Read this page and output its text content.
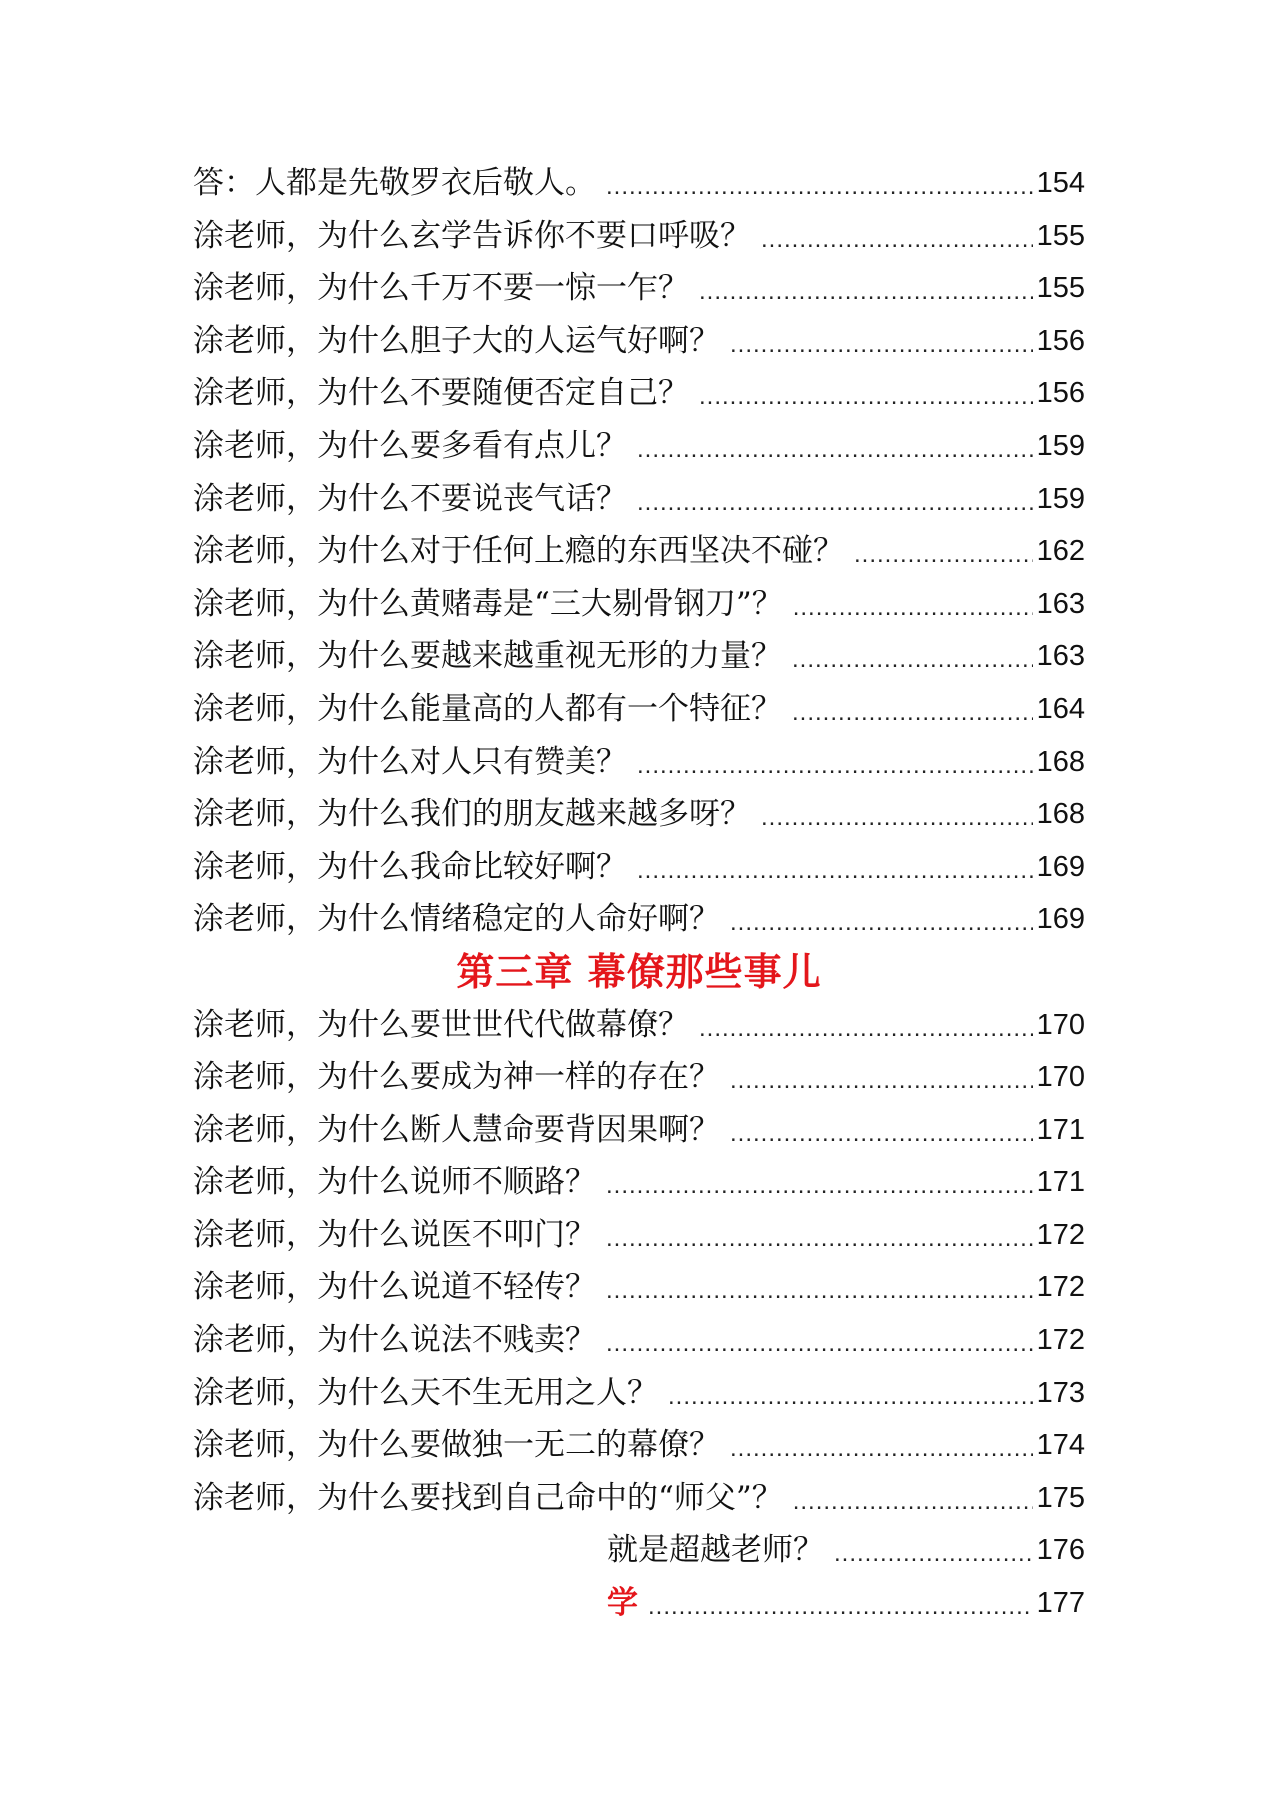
答：人都是先敬罗衣后敬人。 .....	154
涂老师，为什么玄学告诉你不要口呼吸？ .....	155
涂老师，为什么千万不要一惊一乍？ .....	155
涂老师，为什么胆子大的人运气好啊？ .....	156
涂老师，为什么不要随便否定自己？ .....	156
涂老师，为什么要多看有点儿？ .....	159
涂老师，为什么不要说丧气话？ .....	159
涂老师，为什么对于任何上瘾的东西坚决不碰？ .....	162
涂老师，为什么黄赌毒是“三大剔骨钢刀”？ .....	163
涂老师，为什么要越来越重视无形的力量？ .....	163
涂老师，为什么能量高的人都有一个特征？ .....	164
涂老师，为什么对人只有赞美？ .....	168
涂老师，为什么我们的朋友越来越多呀？ .....	168
涂老师，为什么我命比较好啊？ .....	169
涂老师，为什么情绪稳定的人命好啊？ .....	169
第三章 幕僚那些事儿
涂老师，为什么要世世代代做幕僚？ .....	170
涂老师，为什么要成为神一样的存在？ .....	170
涂老师，为什么断人慧命要背因果啊？ .....	171
涂老师，为什么说师不顺路？ .....	171
涂老师，为什么说医不叩门？ .....	172
涂老师，为什么说道不轻传？ .....	172
涂老师，为什么说法不贱卖？ .....	172
涂老师，为什么天不生无用之人？ .....	173
涂老师，为什么要做独一无二的幕僚？ .....	174
涂老师，为什么要找到自己命中的“师父”？ .....	175
就是超越老师？ .....	176
学 .....	177
